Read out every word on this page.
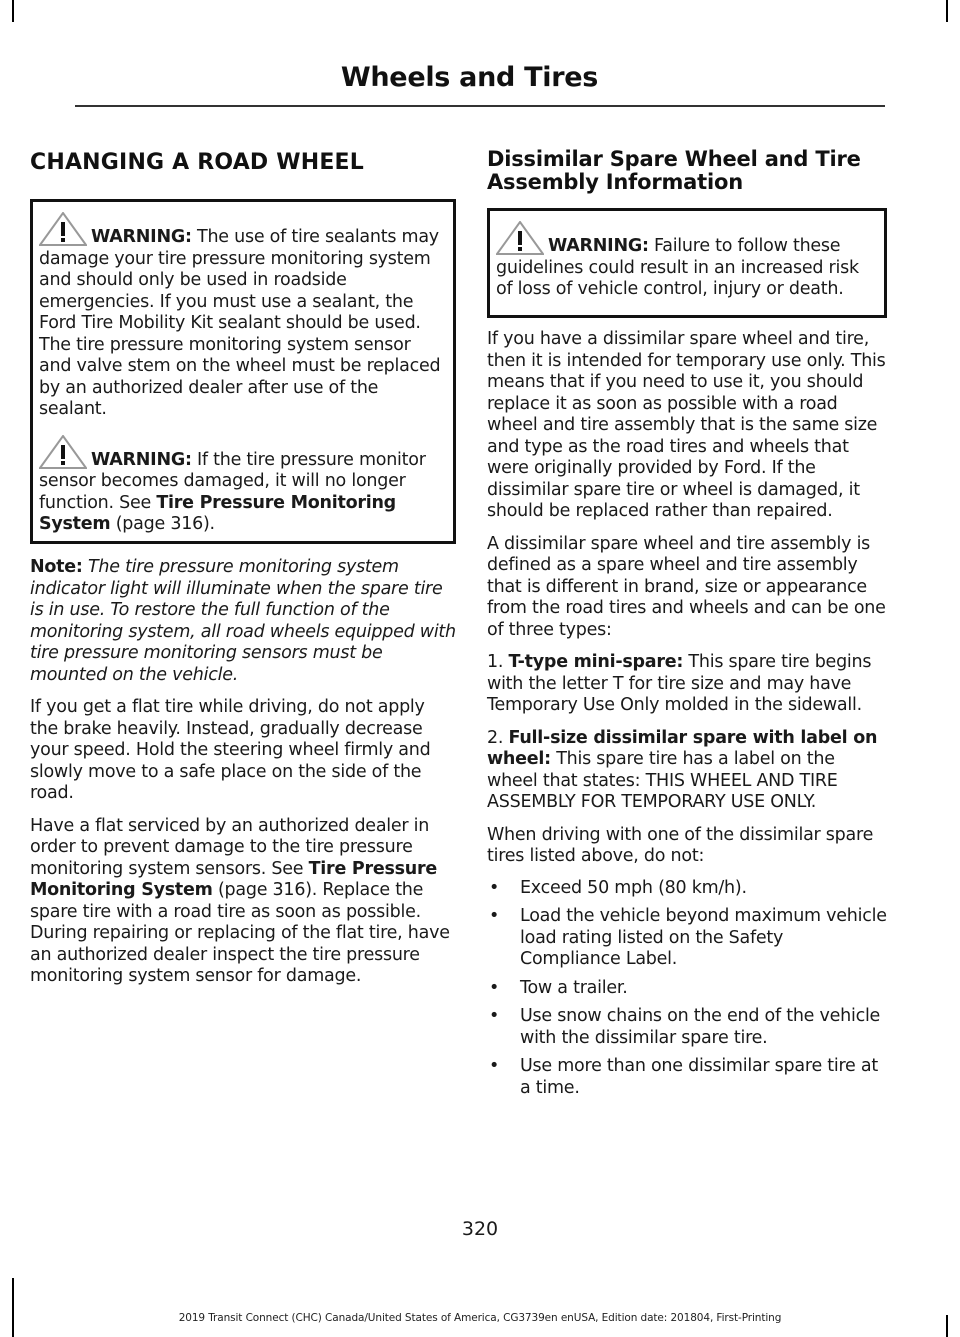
Wheels and Tires
CHANGING A ROAD WHEEL

WARNING: The use of tire sealants may damage your tire pressure monitoring system and should only be used in roadside emergencies. If you must use a sealant, the Ford Tire Mobility Kit sealant should be used. The tire pressure monitoring system sensor and valve stem on the wheel must be replaced by an authorized dealer after use of the sealant.

WARNING: If the tire pressure monitor sensor becomes damaged, it will no longer function. See Tire Pressure Monitoring System (page 316).

Note: The tire pressure monitoring system indicator light will illuminate when the spare tire is in use. To restore the full function of the monitoring system, all road wheels equipped with tire pressure monitoring sensors must be mounted on the vehicle.

If you get a flat tire while driving, do not apply the brake heavily. Instead, gradually decrease your speed. Hold the steering wheel firmly and slowly move to a safe place on the side of the road.

Have a flat serviced by an authorized dealer in order to prevent damage to the tire pressure monitoring system sensors. See Tire Pressure Monitoring System (page 316). Replace the spare tire with a road tire as soon as possible. During repairing or replacing of the flat tire, have an authorized dealer inspect the tire pressure monitoring system sensor for damage.

Dissimilar Spare Wheel and Tire
Assembly Information

WARNING: Failure to follow these guidelines could result in an increased risk of loss of vehicle control, injury or death.

If you have a dissimilar spare wheel and tire, then it is intended for temporary use only. This means that if you need to use it, you should replace it as soon as possible with a road wheel and tire assembly that is the same size and type as the road tires and wheels that were originally provided by Ford. If the dissimilar spare tire or wheel is damaged, it should be replaced rather than repaired.

A dissimilar spare wheel and tire assembly is defined as a spare wheel and tire assembly that is different in brand, size or appearance from the road tires and wheels and can be one of three types:

1. T-type mini-spare: This spare tire begins with the letter T for tire size and may have Temporary Use Only molded in the sidewall.

2. Full-size dissimilar spare with label on wheel: This spare tire has a label on the wheel that states: THIS WHEEL AND TIRE ASSEMBLY FOR TEMPORARY USE ONLY.

When driving with one of the dissimilar spare tires listed above, do not:

• Exceed 50 mph (80 km/h).
• Load the vehicle beyond maximum vehicle load rating listed on the Safety Compliance Label.
• Tow a trailer.
• Use snow chains on the end of the vehicle with the dissimilar spare tire.
• Use more than one dissimilar spare tire at a time.
320
2019 Transit Connect (CHC) Canada/United States of America, CG3739en enUSA, Edition date: 201804, First-Printing
